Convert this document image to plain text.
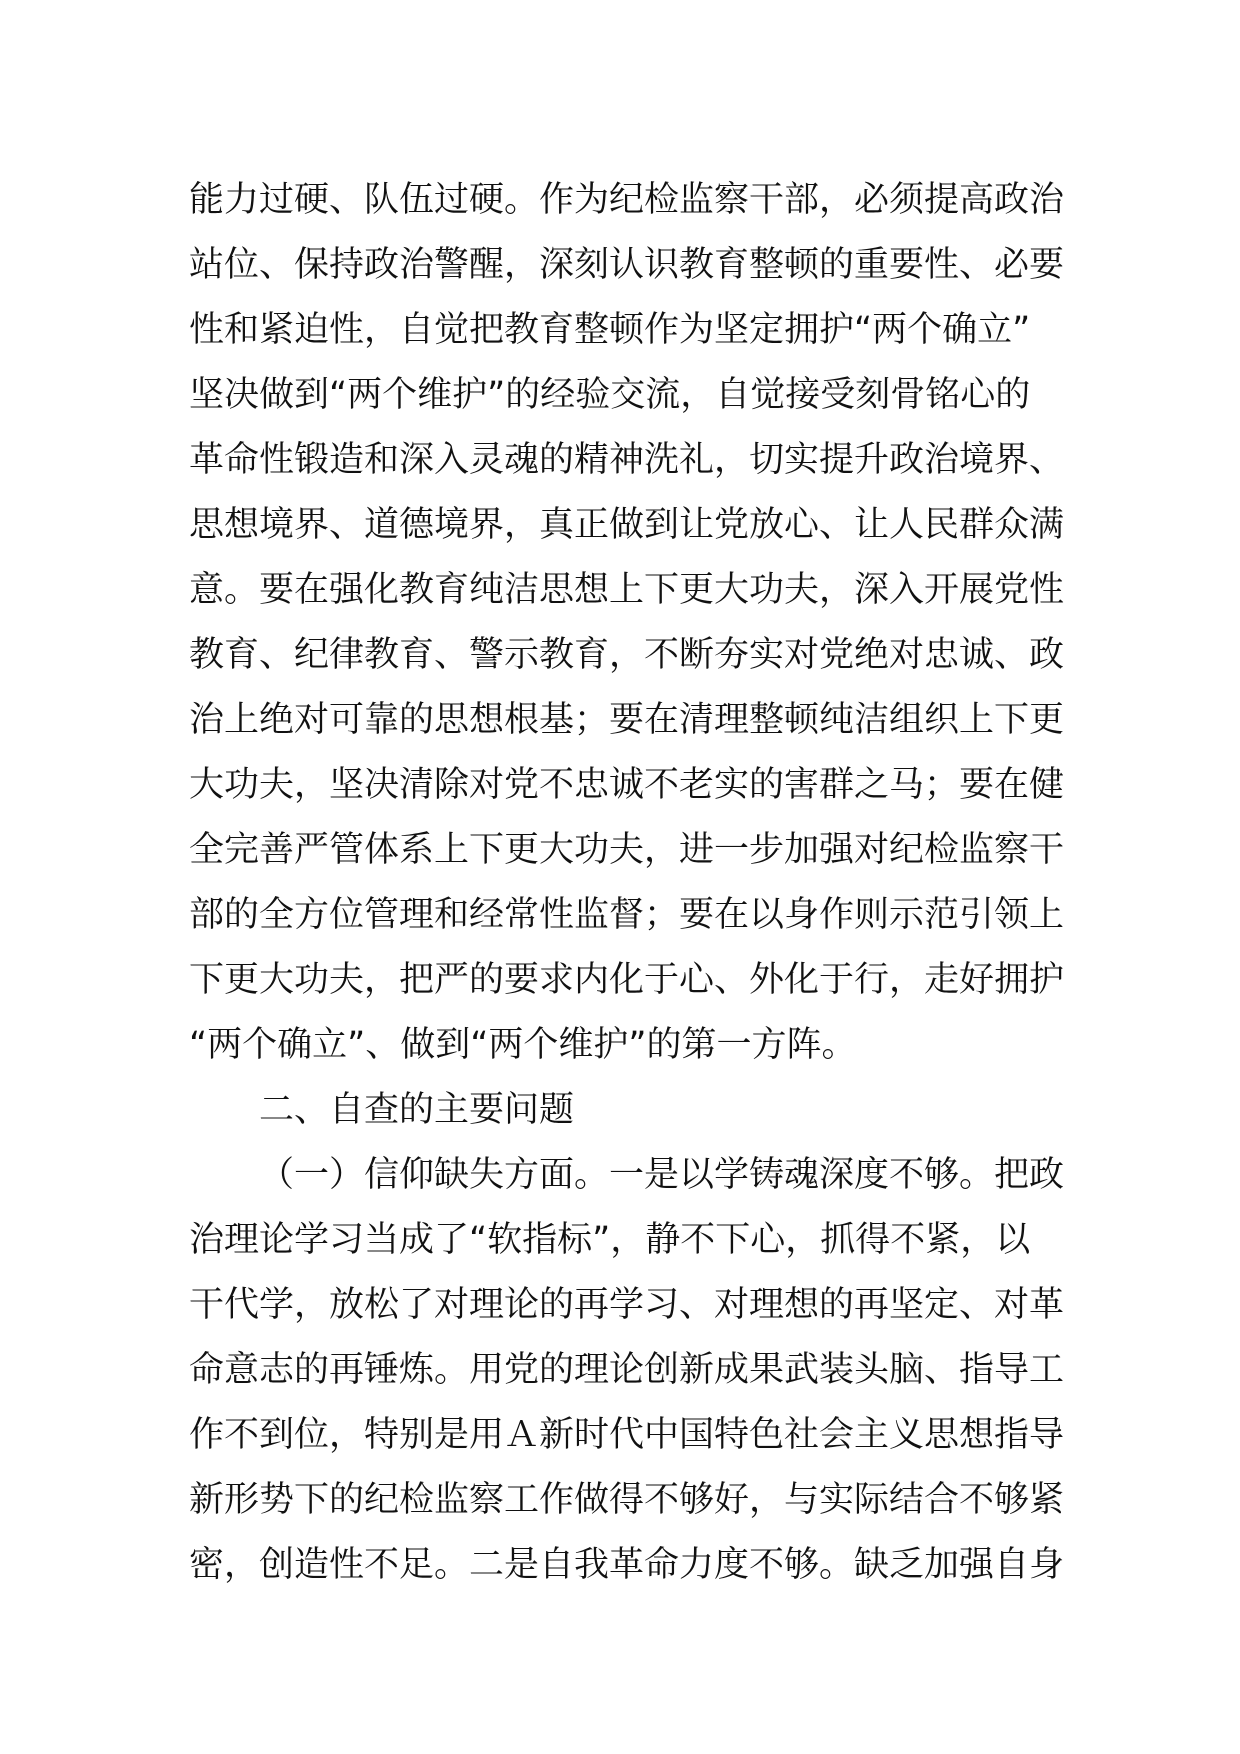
能力过硬、队伍过硬。作为纪检监察干部，必须提高政治
站位、保持政治警醒，深刻认识教育整顿的重要性、必要
性和紧迫性，自觉把教育整顿作为坚定拥护“两个确立”
坚决做到“两个维护”的经验交流，自觉接受刻骨铭心的
革命性锻造和深入灵魂的精神洗礼，切实提升政治境界、
思想境界、道德境界，真正做到让党放心、让人民群众满
意。要在强化教育纯洁思想上下更大功夫，深入开展党性
教育、纪律教育、警示教育，不断夯实对党绝对忠诚、政
治上绝对可靠的思想根基；要在清理整顿纯洁组织上下更
大功夫，坚决清除对党不忠诚不老实的害群之马；要在健
全完善严管体系上下更大功夫，进一步加强对纪检监察干
部的全方位管理和经常性监督；要在以身作则示范引领上
下更大功夫，把严的要求内化于心、外化于行，走好拥护
“两个确立”、做到“两个维护”的第一方阵。
二、自查的主要问题
（一）信仰缺失方面。一是以学铸魂深度不够。把政
治理论学习当成了“软指标”，静不下心，抓得不紧，以
干代学，放松了对理论的再学习、对理想的再坚定、对革
命意志的再锤炼。用党的理论创新成果武装头脑、指导工
作不到位，特别是用Ａ新时代中国特色社会主义思想指导
新形势下的纪检监察工作做得不够好，与实际结合不够紧
密，创造性不足。二是自我革命力度不够。缺乏加强自身
